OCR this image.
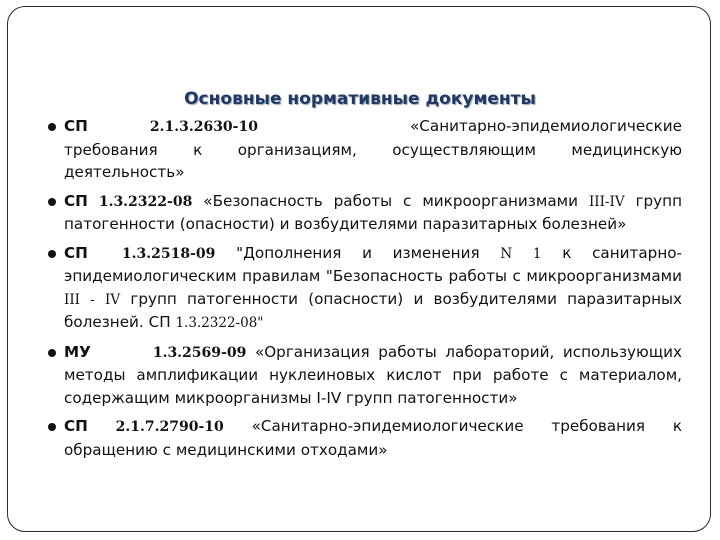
Основные нормативные документы
СП	2.1.3.2630-10	«Санитарно-эпидемиологические требования к организациям, осуществляющим медицинскую деятельность»
СП 1.3.2322-08 «Безопасность работы с микроорганизмами III-IV групп патогенности (опасности) и возбудителями паразитарных болезней»
СП 1.3.2518-09 "Дополнения и изменения N 1 к санитарно-эпидемиологическим правилам "Безопасность работы с микроорганизмами III - IV групп патогенности (опасности) и возбудителями паразитарных болезней. СП 1.3.2322-08"
МУ	1.3.2569-09 «Организация работы лабораторий, использующих методы амплификации нуклеиновых кислот при работе с материалом, содержащим микроорганизмы I-IV групп патогенности»
СП 2.1.7.2790-10 «Санитарно-эпидемиологические требования к обращению с медицинскими отходами»
